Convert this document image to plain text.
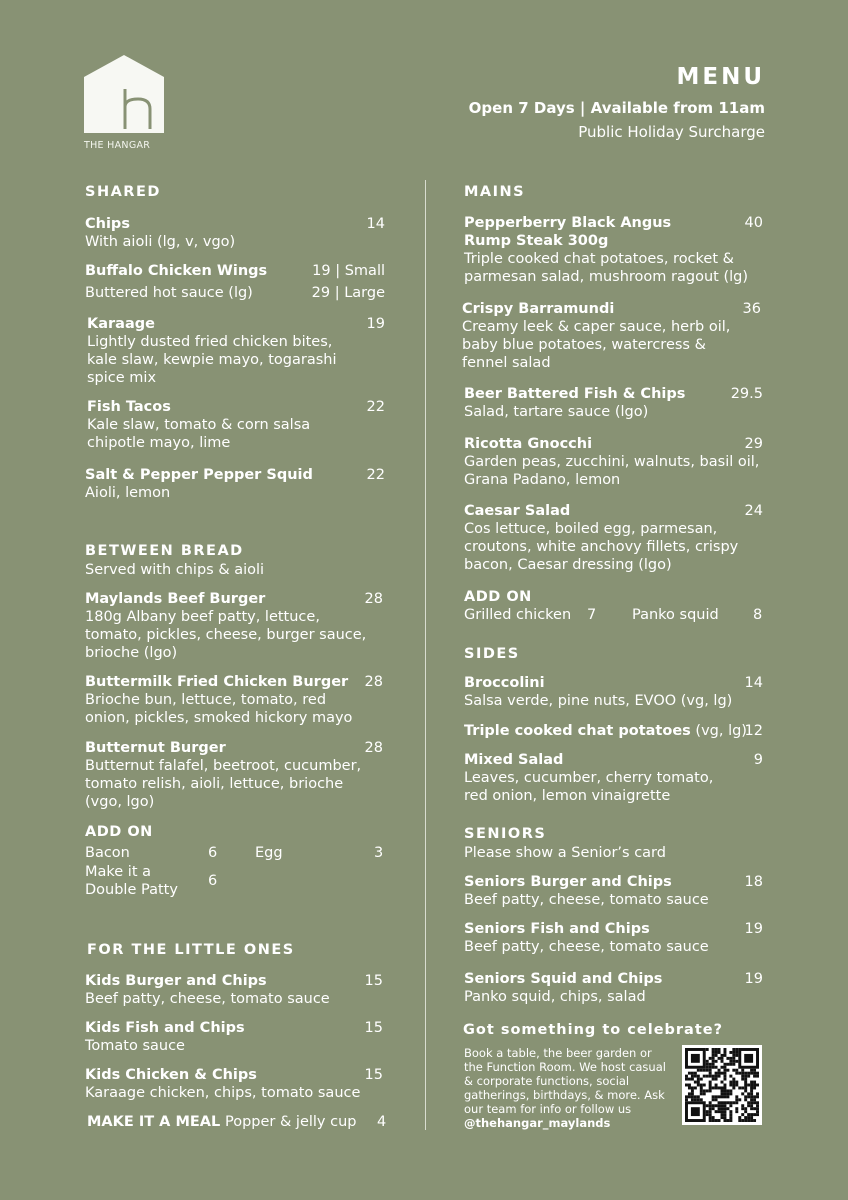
THE HANGAR
MENU
Open 7 Days | Available from 11am
Public Holiday Surcharge
SHARED
Chips
With aioli (lg, v, vgo)
14
Buffalo Chicken Wings
Buttered hot sauce (lg)
19 | Small
29 | Large
Karaage
Lightly dusted fried chicken bites, kale slaw, kewpie mayo, togarashi spice mix
19
Fish Tacos
Kale slaw, tomato & corn salsa chipotle mayo, lime
22
Salt & Pepper Pepper Squid
Aioli, lemon
22
BETWEEN BREAD
Served with chips & aioli
Maylands Beef Burger
180g Albany beef patty, lettuce, tomato, pickles, cheese, burger sauce, brioche (lgo)
28
Buttermilk Fried Chicken Burger
Brioche bun, lettuce, tomato, red onion, pickles, smoked hickory mayo
28
Butternut Burger
Butternut falafel, beetroot, cucumber, tomato relish, aioli, lettuce, brioche (vgo, lgo)
28
ADD ON
Bacon	6	Egg	3
Make it a Double Patty
6
FOR THE LITTLE ONES
Kids Burger and Chips
Beef patty, cheese, tomato sauce
15
Kids Fish and Chips
Tomato sauce
15
Kids Chicken & Chips
Karaage chicken, chips, tomato sauce
15
MAKE IT A MEAL Popper & jelly cup 4
MAINS
Pepperberry Black Angus Rump Steak 300g
Triple cooked chat potatoes, rocket & parmesan salad, mushroom ragout (lg)
40
Crispy Barramundi
Creamy leek & caper sauce, herb oil, baby blue potatoes, watercress & fennel salad
36
Beer Battered Fish & Chips
Salad, tartare sauce (lgo)
29.5
Ricotta Gnocchi
Garden peas, zucchini, walnuts, basil oil, Grana Padano, lemon
29
Caesar Salad
Cos lettuce, boiled egg, parmesan, croutons, white anchovy fillets, crispy bacon, Caesar dressing (lgo)
24
ADD ON
Grilled chicken 7 Panko squid 8
SIDES
Broccolini
Salsa verde, pine nuts, EVOO (vg, lg)
14
Triple cooked chat potatoes (vg, lg)
12
Mixed Salad
Leaves, cucumber, cherry tomato, red onion, lemon vinaigrette
9
SENIORS
Please show a Senior’s card
Seniors Burger and Chips
Beef patty, cheese, tomato sauce
18
Seniors Fish and Chips
Beef patty, cheese, tomato sauce
19
Seniors Squid and Chips
Panko squid, chips, salad
19
Got something to celebrate?
Book a table, the beer garden or the Function Room. We host casual & corporate functions, social gatherings, birthdays, & more. Ask our team for info or follow us @thehangar_maylands
